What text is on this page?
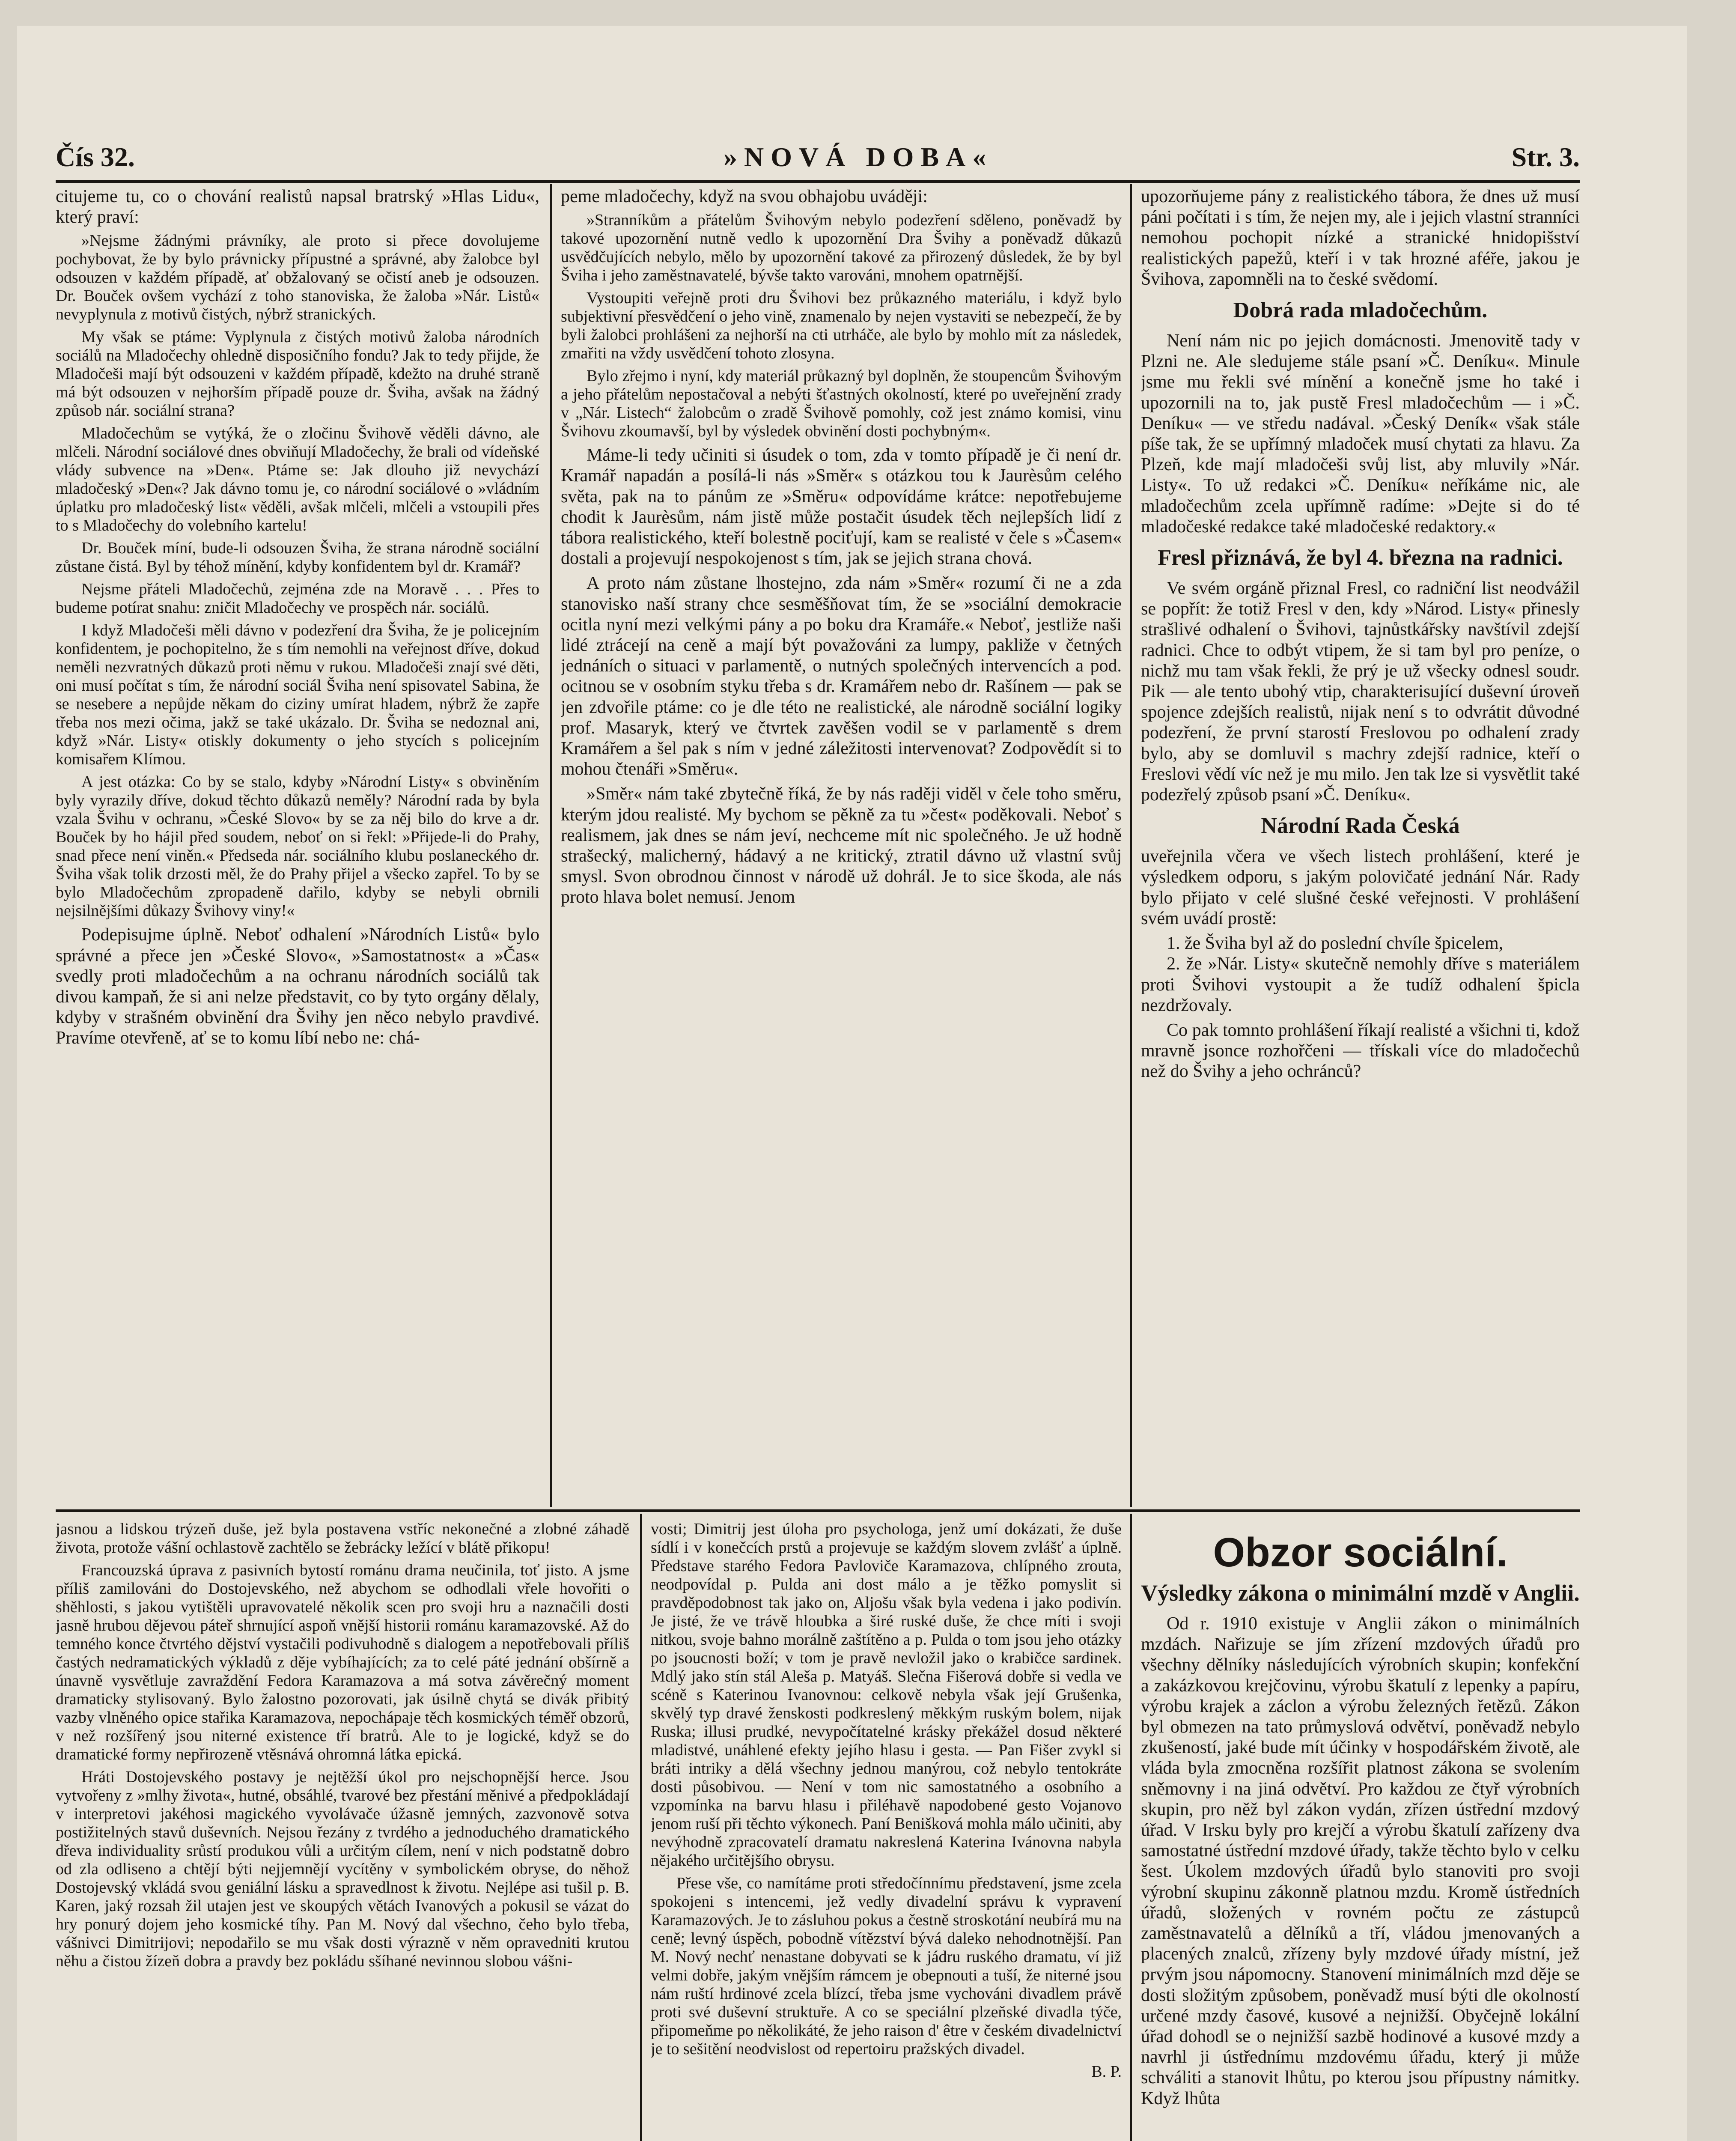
Čís 32.	»NOVÁ DOBA«	Str. 3.

citujeme tu, co o chování realistů napsal bratrský »Hlas Lidu«, který praví:

»Nejsme žádnými právníky, ale proto si přece dovolujeme pochybovat, že by bylo právnicky přípustné a správné, aby žalobce byl odsouzen v každém případě, ať obžalovaný se očistí aneb je odsouzen. Dr. Bouček ovšem vychází z toho stanoviska, že žaloba »Nár. Listů« nevyplynula z motivů čistých, nýbrž stranických.

My však se ptáme: Vyplynula z čistých motivů žaloba národních sociálů na Mladočechy ohledně disposičního fondu? Jak to tedy přijde, že Mladočeši mají být odsouzeni v každém případě, kdežto na druhé straně má být odsouzen v nejhorším případě pouze dr. Šviha, avšak na žádný způsob nár. sociální strana?

Mladočechům se vytýká, že o zločinu Švihově věděli dávno, ale mlčeli. Národní sociálové dnes obviňují Mladočechy, že brali od vídeňské vlády subvence na »Den«. Ptáme se: Jak dlouho již nevychází mladočeský »Den«? Jak dávno tomu je, co národní sociálové o »vládním úplatku pro mladočeský list« věděli, avšak mlčeli, mlčeli a vstoupili přes to s Mladočechy do volebního kartelu!

Dr. Bouček míní, bude-li odsouzen Šviha, že strana národně sociální zůstane čistá. Byl by téhož mínění, kdyby konfidentem byl dr. Kramář?

Nejsme přáteli Mladočechů, zejména zde na Moravě . . . Přes to budeme potírat snahu: zničit Mladočechy ve prospěch nár. sociálů.

I když Mladočeši měli dávno v podezření dra Šviha, že je policejním konfidentem, je pochopitelno, že s tím nemohli na veřejnost dříve, dokud neměli nezvratných důkazů proti němu v rukou. Mladočeši znají své děti, oni musí počítat s tím, že národní sociál Šviha není spisovatel Sabina, že se nesebere a nepůjde někam do ciziny umírat hladem, nýbrž že zapře třeba nos mezi očima, jakž se také ukázalo. Dr. Šviha se nedoznal ani, když »Nár. Listy« otiskly dokumenty o jeho stycích s policejním komisařem Klímou.

A jest otázka: Co by se stalo, kdyby »Národní Listy« s obviněním byly vyrazily dříve, dokud těchto důkazů neměly? Národní rada by byla vzala Švihu v ochranu, »České Slovo« by se za něj bilo do krve a dr. Bouček by ho hájil před soudem, neboť on si řekl: »Přijede-li do Prahy, snad přece není viněn.« Předseda nár. sociálního klubu poslaneckého dr. Šviha však tolik drzosti měl, že do Prahy přijel a všecko zapřel. To by se bylo Mladočechům zpropadeně dařilo, kdyby se nebyli obrnili nejsilnějšími důkazy Švihovy viny!«

Podepisujme úplně. Neboť odhalení »Národních Listů« bylo správné a přece jen »České Slovo«, »Samostatnost« a »Čas« svedly proti mladočechům a na ochranu národních sociálů tak divou kampaň, že si ani nelze představit, co by tyto orgány dělaly, kdyby v strašném obvinění dra Švihy jen něco nebylo pravdivé. Pravíme otevřeně, ať se to komu líbí nebo ne: chá-

peme mladočechy, když na svou obhajobu uváději:

»Stranníkům a přátelům Švihovým nebylo podezření sděleno, poněvadž by takové upozornění nutně vedlo k upozornění Dra Švihy a poněvadž důkazů usvědčujících nebylo, mělo by upozornění takové za přirozený důsledek, že by byl Šviha i jeho zaměstnavatelé, bývše takto varováni, mnohem opatrnější.

Vystoupiti veřejně proti dru Švihovi bez průkazného materiálu, i když bylo subjektivní přesvědčení o jeho vině, znamenalo by nejen vystaviti se nebezpečí, že by byli žalobci prohlášeni za nejhorší na cti utrháče, ale bylo by mohlo mít za následek, zmařiti na vždy usvědčení tohoto zlosyna.

Bylo zřejmo i nyní, kdy materiál průkazný byl doplněn, že stoupencům Švihovým a jeho přátelům nepostačoval a nebýti šťastných okolností, které po uveřejnění zrady v „Nár. Listech“ žalobcům o zradě Švihově pomohly, což jest známo komisi, vinu Švihovu zkoumavší, byl by výsledek obvinění dosti pochybným«.

Máme-li tedy učiniti si úsudek o tom, zda v tomto případě je či není dr. Kramář napadán a posílá-li nás »Směr« s otázkou tou k Jaurèsům celého světa, pak na to pánům ze »Směru« odpovídáme krátce: nepotřebujeme chodit k Jaurèsům, nám jistě může postačit úsudek těch nejlepších lidí z tábora realistického, kteří bolestně pociťují, kam se realisté v čele s »Časem« dostali a projevují nespokojenost s tím, jak se jejich strana chová.

A proto nám zůstane lhostejno, zda nám »Směr« rozumí či ne a zda stanovisko naší strany chce sesměšňovat tím, že se »sociální demokracie ocitla nyní mezi velkými pány a po boku dra Kramáře.« Neboť, jestliže naši lidé ztrácejí na ceně a mají být považováni za lumpy, pakliže v četných jednáních o situaci v parlamentě, o nutných společných intervencích a pod. ocitnou se v osobním styku třeba s dr. Kramářem nebo dr. Rašínem — pak se jen zdvořile ptáme: co je dle této ne realistické, ale národně sociální logiky prof. Masaryk, který ve čtvrtek zavěšen vodil se v parlamentě s drem Kramářem a šel pak s ním v jedné záležitosti intervenovat? Zodpovědít si to mohou čtenáři »Směru«.

»Směr« nám také zbytečně říká, že by nás raději viděl v čele toho směru, kterým jdou realisté. My bychom se pěkně za tu »čest« poděkovali. Neboť s realismem, jak dnes se nám jeví, nechceme mít nic společného. Je už hodně strašecký, malicherný, hádavý a ne kritický, ztratil dávno už vlastní svůj smysl. Svon obrodnou činnost v národě už dohrál. Je to sice škoda, ale nás proto hlava bolet nemusí. Jenom

upozorňujeme pány z realistického tábora, že dnes už musí páni počítati i s tím, že nejen my, ale i jejich vlastní stranníci nemohou pochopit nízké a stranické hnidopišství realistických papežů, kteří i v tak hrozné aféře, jakou je Švihova, zapomněli na to české svědomí.

Dobrá rada mladočechům.

Není nám nic po jejich domácnosti. Jmenovitě tady v Plzni ne. Ale sledujeme stále psaní »Č. Deníku«. Minule jsme mu řekli své mínění a konečně jsme ho také i upozornili na to, jak pustě Fresl mladočechům — i »Č. Deníku« — ve středu nadával. »Český Deník« však stále píše tak, že se upřímný mladoček musí chytati za hlavu. Za Plzeň, kde mají mladočeši svůj list, aby mluvily »Nár. Listy«. To už redakci »Č. Deníku« neříkáme nic, ale mladočechům zcela upřímně radíme: »Dejte si do té mladočeské redakce také mladočeské redaktory.«

Fresl přiznává, že byl 4. března na radnici.

Ve svém orgáně přiznal Fresl, co radniční list neodvážil se popřít: že totiž Fresl v den, kdy »Národ. Listy« přinesly strašlivé odhalení o Švihovi, tajnůstkářsky navštívil zdejší radnici. Chce to odbýt vtipem, že si tam byl pro peníze, o nichž mu tam však řekli, že prý je už všecky odnesl soudr. Pik — ale tento ubohý vtip, charakterisující duševní úroveň spojence zdejších realistů, nijak není s to odvrátit důvodné podezření, že první starostí Freslovou po odhalení zrady bylo, aby se domluvil s machry zdejší radnice, kteří o Freslovi vědí víc než je mu milo. Jen tak lze si vysvětlit také podezřelý způsob psaní »Č. Deníku«.

Národní Rada Česká

uveřejnila včera ve všech listech prohlášení, které je výsledkem odporu, s jakým polovičaté jednání Nár. Rady bylo přijato v celé slušné české veřejnosti. V prohlášení svém uvádí prostě:

1. že Šviha byl až do poslední chvíle špicelem,
2. že »Nár. Listy« skutečně nemohly dříve s materiálem proti Švihovi vystoupit a že tudíž odhalení špicla nezdržovaly.

Co pak tomnto prohlášení říkají realisté a všichni ti, kdož mravně jsonce rozhořčeni — třískali více do mladočechů než do Švihy a jeho ochránců?

jasnou a lidskou trýzeň duše, jež byla postavena vstříc nekonečné a zlobné záhadě života, protože vášní ochlastově zachtělo se žebrácky ležící v blátě přikopu!

Francouzská úprava z pasivních bytostí románu drama neučinila, toť jisto. A jsme příliš zamilováni do Dostojevského, než abychom se odhodlali vřele hovořiti o shěhlosti, s jakou vytištěli upravovatelé několik scen pro svoji hru a naznačili dosti jasně hrubou dějevou páteř shrnující aspoň vnější historii románu karamazovské. Až do temného konce čtvrtého dějství vystačili podivuhodně s dialogem a nepotřebovali příliš častých nedramatických výkladů z děje vybíhajících; za to celé páté jednání obšírně a únavně vysvětluje zavraždění Fedora Karamazova a má sotva závěrečný moment dramaticky stylisovaný. Bylo žalostno pozorovati, jak úsilně chytá se divák přibitý vazby vlněného opice stařika Karamazova, nepochápaje těch kosmických téměř obzorů, v než rozšířený jsou niterné existence tří bratrů. Ale to je logické, když se do dramatické formy nepřirozeně vtěsnává ohromná látka epická.

Hráti Dostojevského postavy je nejtěžší úkol pro nejschopnější herce. Jsou vytvořeny z »mlhy života«, hutné, obsáhlé, tvarové bez přestání měnivé a předpokládají v interpretovi jakéhosi magického vyvolávače úžasně jemných, zazvonově sotva postižitelných stavů duševních. Nejsou řezány z tvrdého a jednoduchého dramatického dřeva individuality srůstí produkou vůli a určitým cílem, není v nich podstatně dobro od zla odliseno a chtějí býti nejjemnějí vycítěny v symbolickém obryse, do něhož Dostojevský vkládá svou geniální lásku a spravedlnost k životu. Nejlépe asi tušil p. B. Karen, jaký rozsah žil utajen jest ve skoupých větách Ivanových a pokusil se vázat do hry ponurý dojem jeho kosmické tíhy. Pan M. Nový dal všechno, čeho bylo třeba, vášnivci Dimitrijovi; nepodařilo se mu však dosti výrazně v něm opravedniti krutou něhu a čistou žízeň dobra a pravdy bez pokládu sšíhané nevinnou slobou vášni-

vosti; Dimitrij jest úloha pro psychologa, jenž umí dokázati, že duše sídlí i v konečcích prstů a projevuje se každým slovem zvlášť a úplně. Představe starého Fedora Pavloviče Karamazova, chlípného zrouta, neodpovídal p. Pulda ani dost málo a je těžko pomyslit si pravděpodobnost tak jako on, Aljošu však byla vedena i jako podivín. Je jisté, že ve trávě hloubka a širé ruské duše, že chce míti i svoji nitkou, svoje bahno morálně zaštítěno a p. Pulda o tom jsou jeho otázky po jsoucnosti boží; v tom je pravě nevložil jako o krabičce sardinek. Mdlý jako stín stál Aleša p. Matyáš. Slečna Fišerová dobře si vedla ve scéně s Katerinou Ivanovnou: celkově nebyla však její Grušenka, skvělý typ dravé ženskosti podkreslený měkkým ruským bolem, nijak Ruska; illusi prudké, nevypočítatelné krásky překážel dosud některé mladistvé, unáhlené efekty jejího hlasu i gesta. — Pan Fišer zvykl si bráti intriky a dělá všechny jednou manýrou, což nebylo tentokráte dosti působivou. — Není v tom nic samostatného a osobního a vzpomínka na barvu hlasu i přiléhavě napodobené gesto Vojanovo jenom ruší při těchto výkonech. Paní Benišková mohla málo učiniti, aby nevýhodně zpracovatelí dramatu nakreslená Katerina Ivánovna nabyla nějakého určitějšího obrysu.

Přese vše, co namítáme proti středočínnímu představení, jsme zcela spokojeni s intencemi, jež vedly divadelní správu k vypravení Karamazových. Je to zásluhou pokus a čestně stroskotání neubírá mu na ceně; levný úspěch, pobodně vítězství bývá daleko nehodnotnější. Pan M. Nový nechť nenastane dobyvati se k jádru ruského dramatu, ví již velmi dobře, jakým vnějším rámcem je obepnouti a tuší, že niterné jsou nám ruští hrdinové zcela blízcí, třeba jsme vychováni divadlem právě proti své duševní struktuře. A co se speciální plzeňské divadla týče, připomeňme po několikáté, že jeho raison d' être v českém divadelnictví je to sešitění neodvislost od repertoiru pražských divadel.

B. P.

Obzor sociální.
Výsledky zákona o minimální mzdě v Anglii.

Od r. 1910 existuje v Anglii zákon o minimálních mzdách. Nařizuje se jím zřízení mzdových úřadů pro všechny dělníky následujících výrobních skupin; konfekční a zakázkovou krejčovinu, výrobu škatulí z lepenky a papíru, výrobu krajek a záclon a výrobu železných řetězů. Zákon byl obmezen na tato průmyslová odvětví, poněvadž nebylo zkušeností, jaké bude mít účinky v hospodářském životě, ale vláda byla zmocněna rozšířit platnost zákona se svolením sněmovny i na jiná odvětví. Pro každou ze čtyř výrobních skupin, pro něž byl zákon vydán, zřízen ústřední mzdový úřad. V Irsku byly pro krejčí a výrobu škatulí zařízeny dva samostatné ústřední mzdové úřady, takže těchto bylo v celku šest. Úkolem mzdových úřadů bylo stanoviti pro svoji výrobní skupinu zákonně platnou mzdu. Kromě ústředních úřadů, složených v rovném počtu ze zástupců zaměstnavatelů a dělníků a tří, vládou jmenovaných a placených znalců, zřízeny byly mzdové úřady místní, jež prvým jsou nápomocny. Stanovení minimálních mzd děje se dosti složitým způsobem, poněvadž musí býti dle okolností určené mzdy časové, kusové a nejnižší. Obyčejně lokální úřad dohodl se o nejnižší sazbě hodinové a kusové mzdy a navrhl ji ústřednímu mzdovému úřadu, který ji může schváliti a stanovit lhůtu, po kterou jsou přípustny námitky. Když lhůta
